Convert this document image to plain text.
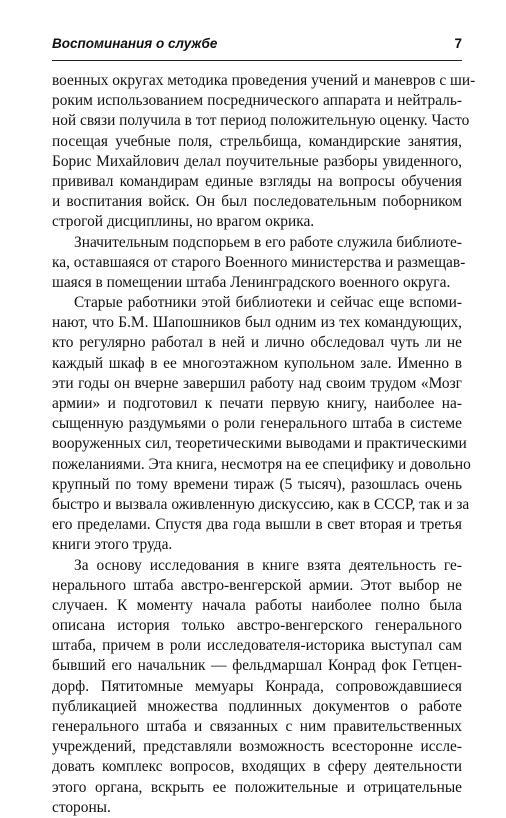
Воспоминания о службе	7
военных округах методика проведения учений и маневров с ши-
роким использованием посреднического аппарата и нейтраль-
ной связи получила в тот период положительную оценку. Часто
посещая учебные поля, стрельбища, командирские занятия,
Борис Михайлович делал поучительные разборы увиденного,
прививал командирам единые взгляды на вопросы обучения
и воспитания войск. Он был последовательным поборником
строгой дисциплины, но врагом окрика.
Значительным подспорьем в его работе служила библиоте-
ка, оставшаяся от старого Военного министерства и размещав-
шаяся в помещении штаба Ленинградского военного округа.
Старые работники этой библиотеки и сейчас еще вспоми-
нают, что Б.М. Шапошников был одним из тех командующих,
кто регулярно работал в ней и лично обследовал чуть ли не
каждый шкаф в ее многоэтажном купольном зале. Именно в
эти годы он вчерне завершил работу над своим трудом «Мозг
армии» и подготовил к печати первую книгу, наиболее на-
сыщенную раздумьями о роли генерального штаба в системе
вооруженных сил, теоретическими выводами и практическими
пожеланиями. Эта книга, несмотря на ее специфику и довольно
крупный по тому времени тираж (5 тысяч), разошлась очень
быстро и вызвала оживленную дискуссию, как в СССР, так и за
его пределами. Спустя два года вышли в свет вторая и третья
книги этого труда.
За основу исследования в книге взята деятельность ге-
нерального штаба австро-венгерской армии. Этот выбор не
случаен. К моменту начала работы наиболее полно была
описана история только австро-венгерского генерального
штаба, причем в роли исследователя-историка выступал сам
бывший его начальник — фельдмаршал Конрад фок Гетцен-
дорф. Пятитомные мемуары Конрада, сопровождавшиеся
публикацией множества подлинных документов о работе
генерального штаба и связанных с ним правительственных
учреждений, представляли возможность всесторонне иссле-
довать комплекс вопросов, входящих в сферу деятельности
этого органа, вскрыть ее положительные и отрицательные
стороны.
